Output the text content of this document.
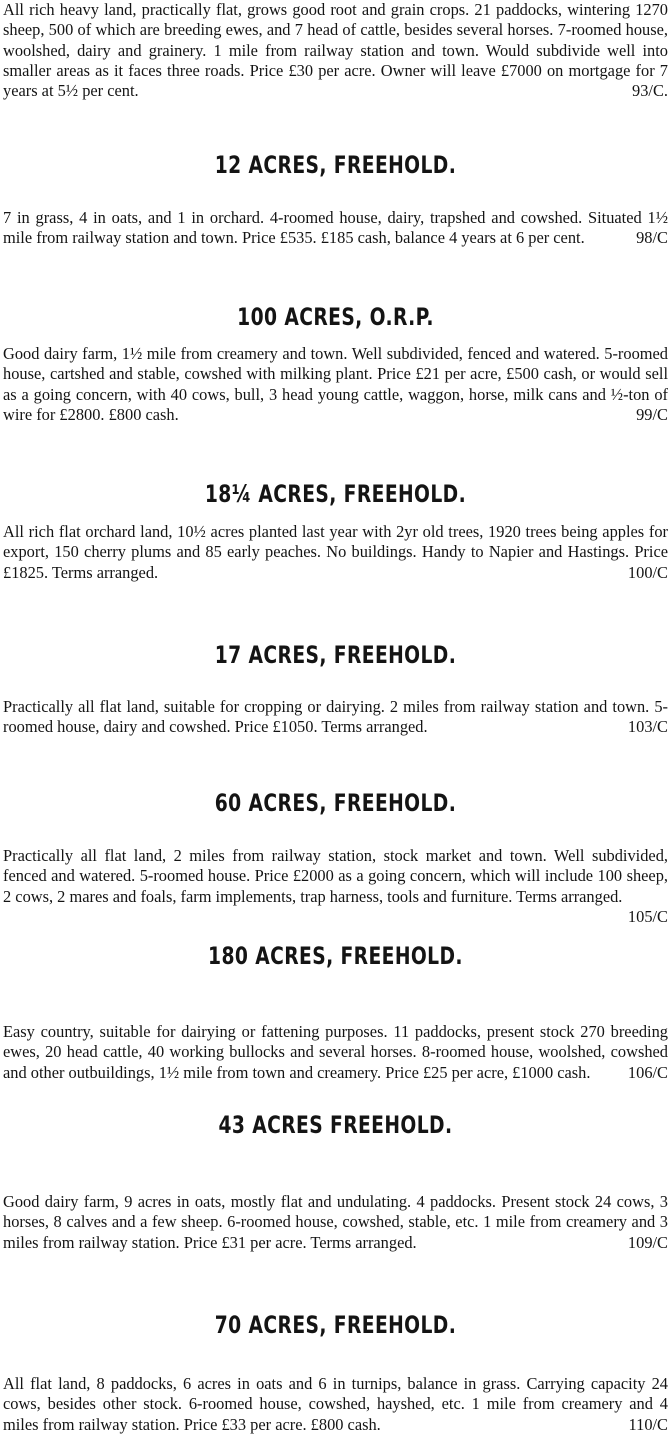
All rich heavy land, practically flat, grows good root and grain crops. 21 paddocks, wintering 1270 sheep, 500 of which are breeding ewes, and 7 head of cattle, besides several horses. 7-roomed house, woolshed, dairy and grainery. 1 mile from railway station and town. Would subdivide well into smaller areas as it faces three roads. Price £30 per acre. Owner will leave £7000 on mortgage for 7 years at 5½ per cent.	93/C.

12 ACRES, FREEHOLD.

7 in grass, 4 in oats, and 1 in orchard. 4-roomed house, dairy, trapshed and cowshed. Situated 1½ mile from railway station and town. Price £535. £185 cash, balance 4 years at 6 per cent.	98/C

100 ACRES, O.R.P.

Good dairy farm, 1½ mile from creamery and town. Well subdivided, fenced and watered. 5-roomed house, cartshed and stable, cowshed with milking plant. Price £21 per acre, £500 cash, or would sell as a going concern, with 40 cows, bull, 3 head young cattle, waggon, horse, milk cans and ½-ton of wire for £2800. £800 cash.	99/C

18¼ ACRES, FREEHOLD.

All rich flat orchard land, 10½ acres planted last year with 2yr old trees, 1920 trees being apples for export, 150 cherry plums and 85 early peaches. No buildings. Handy to Napier and Hastings. Price £1825. Terms arranged.	100/C

17 ACRES, FREEHOLD.

Practically all flat land, suitable for cropping or dairying. 2 miles from railway station and town. 5-roomed house, dairy and cowshed. Price £1050. Terms arranged.	103/C

60 ACRES, FREEHOLD.

Practically all flat land, 2 miles from railway station, stock market and town. Well subdivided, fenced and watered. 5-roomed house. Price £2000 as a going concern, which will include 100 sheep, 2 cows, 2 mares and foals, farm implements, trap harness, tools and furniture. Terms arranged.
105/C

180 ACRES, FREEHOLD.

Easy country, suitable for dairying or fattening purposes. 11 paddocks, present stock 270 breeding ewes, 20 head cattle, 40 working bullocks and several horses. 8-roomed house, woolshed, cowshed and other outbuildings, 1½ mile from town and creamery. Price £25 per acre, £1000 cash. 106/C

43 ACRES FREEHOLD.

Good dairy farm, 9 acres in oats, mostly flat and undulating. 4 paddocks. Present stock 24 cows, 3 horses, 8 calves and a few sheep. 6-roomed house, cowshed, stable, etc. 1 mile from creamery and 3 miles from railway station. Price £31 per acre. Terms arranged.	109/C

70 ACRES, FREEHOLD.

All flat land, 8 paddocks, 6 acres in oats and 6 in turnips, balance in grass. Carrying capacity 24 cows, besides other stock. 6-roomed house, cowshed, hayshed, etc. 1 mile from creamery and 4 miles from railway station. Price £33 per acre. £800 cash.	110/C
